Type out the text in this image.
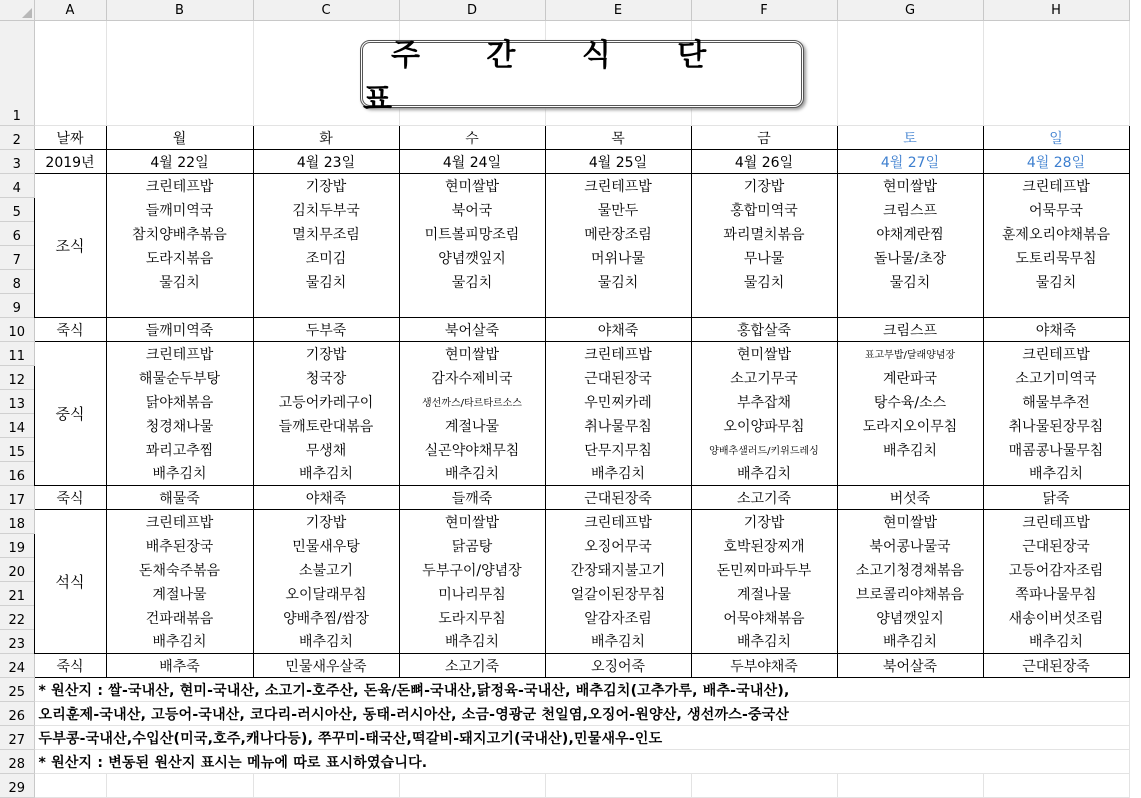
	A	B	C	D	E	F	G	H
1								
2	날짜	월	화	수	목	금	토	일
3	2019년	4월 22일	4월 23일	4월 24일	4월 25일	4월 26일	4월 27일	4월 28일
4	조식	크린테프밥	기장밥	현미쌀밥	크린테프밥	기장밥	현미쌀밥	크린테프밥
5		들깨미역국	김치두부국	북어국	물만두	홍합미역국	크림스프	어묵무국
6		참치양배추볶음	멸치무조림	미트볼피망조림	메란장조림	꽈리멸치볶음	야채계란찜	훈제오리야채볶음
7		도라지볶음	조미김	양념깻잎지	머위나물	무나물	돌나물/초장	도토리묵무침
8		물김치	물김치	물김치	물김치	물김치	물김치	물김치
9								
10	죽식	들깨미역죽	두부죽	북어살죽	야채죽	홍합살죽	크림스프	야채죽
11	중식	크린테프밥	기장밥	현미쌀밥	크린테프밥	현미쌀밥	표고무밥/달래양념장	크린테프밥
12		해물순두부탕	청국장	감자수제비국	근대된장국	소고기무국	계란파국	소고기미역국
13		닭야채볶음	고등어카레구이	생선까스/타르타르소스	우민찌카레	부추잡채	탕수육/소스	해물부추전
14		청경채나물	들깨토란대볶음	계절나물	취나물무침	오이양파무침	도라지오이무침	취나물된장무침
15		꽈리고추찜	무생채	실곤약야채무침	단무지무침	양배추샐러드/키위드레싱	배추김치	매콤콩나물무침
16		배추김치	배추김치	배추김치	배추김치	배추김치		배추김치
17	죽식	해물죽	야채죽	들깨죽	근대된장죽	소고기죽	버섯죽	닭죽
18	석식	크린테프밥	기장밥	현미쌀밥	크린테프밥	기장밥	현미쌀밥	크린테프밥
19		배추된장국	민물새우탕	닭곰탕	오징어무국	호박된장찌개	북어콩나물국	근대된장국
20		돈채숙주볶음	소불고기	두부구이/양념장	간장돼지불고기	돈민찌마파두부	소고기청경채볶음	고등어감자조림
21		계절나물	오이달래무침	미나리무침	얼갈이된장무침	계절나물	브로콜리야채볶음	쪽파나물무침
22		건파래볶음	양배추찜/쌈장	도라지무침	알감자조림	어묵야채볶음	양념깻잎지	새송이버섯조림
23		배추김치	배추김치	배추김치	배추김치	배추김치	배추김치	배추김치
24	죽식	배추죽	민물새우살죽	소고기죽	오징어죽	두부야채죽	북어살죽	근대된장죽
25	* 원산지 : 쌀-국내산, 현미-국내산, 소고기-호주산, 돈육/돈뼈-국내산,닭정육-국내산, 배추김치(고추가루, 배추-국내산),							
26	오리훈제-국내산, 고등어-국내산, 코다리-러시아산, 동태-러시아산, 소금-영광군 천일염,오징어-원양산, 생선까스-중국산							
27	두부콩-국내산,수입산(미국,호주,캐나다등), 쭈꾸미-태국산,떡갈비-돼지고기(국내산),민물새우-인도							
28	* 원산지 : 변동된 원산지 표시는 메뉴에 따로 표시하였습니다.							
29								
주 간 식 단 표
